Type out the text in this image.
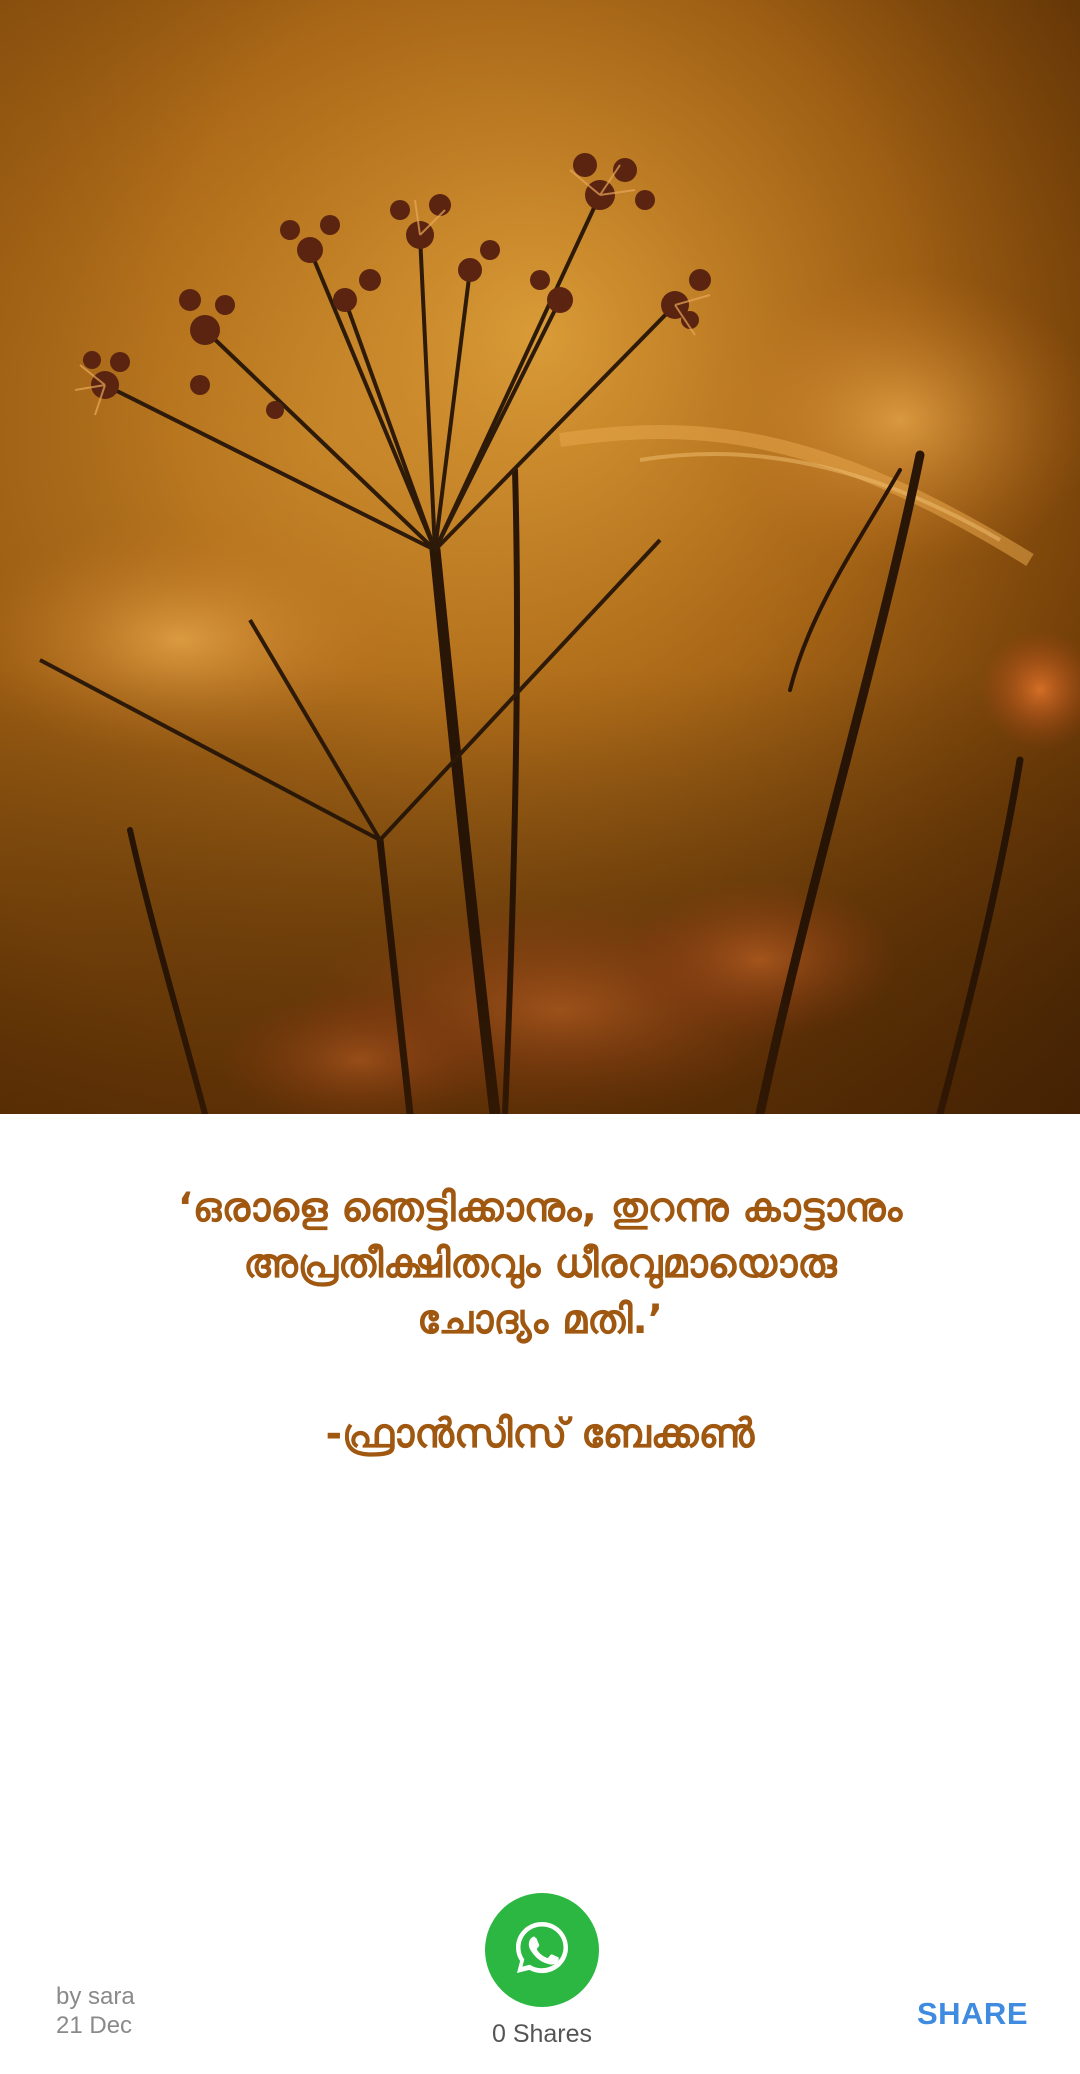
‘ഒരാളെ ഞെട്ടിക്കാനും, തുറന്നു കാട്ടാനും
അപ്രതീക്ഷിതവും ധീരവുമായൊരു
ചോദ്യം മതി.’
-ഫ്രാൻസിസ് ബേക്കൺ
by sara
21 Dec	0 Shares
SHARE
